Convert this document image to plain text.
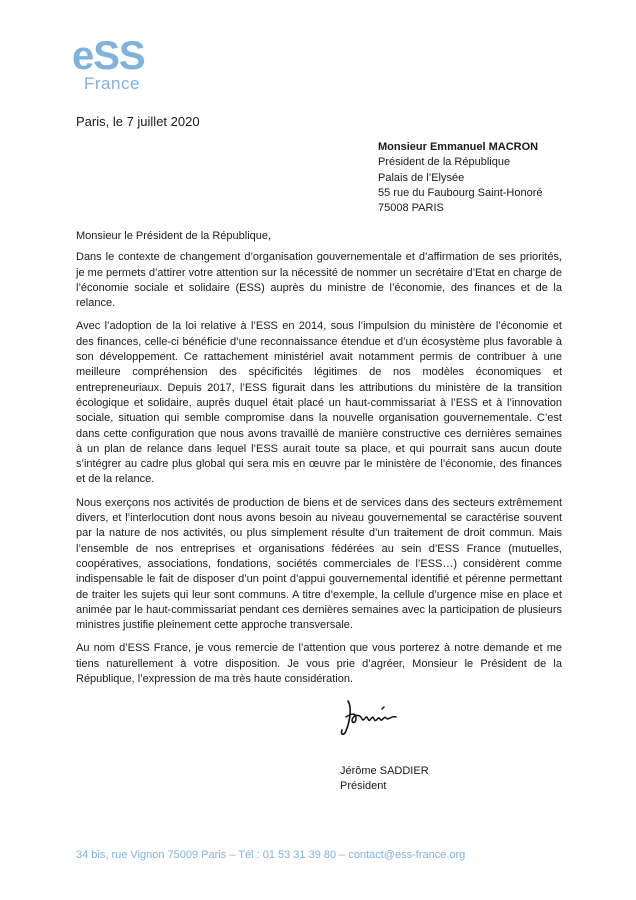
eSS
France
Paris, le 7 juillet 2020
Monsieur Emmanuel MACRON
Président de la République
Palais de l’Elysée
55 rue du Faubourg Saint-Honoré
75008 PARIS

Monsieur le Président de la République,

Dans le contexte de changement d’organisation gouvernementale et d’affirmation de ses priorités, je me permets d’attirer votre attention sur la nécessité de nommer un secrétaire d’Etat en charge de l’économie sociale et solidaire (ESS) auprès du ministre de l’économie, des finances et de la relance.

Avec l’adoption de la loi relative à l’ESS en 2014, sous l’impulsion du ministère de l’économie et des finances, celle-ci bénéficie d’une reconnaissance étendue et d’un écosystème plus favorable à son développement. Ce rattachement ministériel avait notamment permis de contribuer à une meilleure compréhension des spécificités légitimes de nos modèles économiques et entrepreneuriaux. Depuis 2017, l’ESS figurait dans les attributions du ministère de la transition écologique et solidaire, auprès duquel était placé un haut-commissariat à l’ESS et à l’innovation sociale, situation qui semble compromise dans la nouvelle organisation gouvernementale. C’est dans cette configuration que nous avons travaillé de manière constructive ces dernières semaines à un plan de relance dans lequel l’ESS aurait toute sa place, et qui pourrait sans aucun doute s’intégrer au cadre plus global qui sera mis en œuvre par le ministère de l’économie, des finances et de la relance.

Nous exerçons nos activités de production de biens et de services dans des secteurs extrêmement divers, et l’interlocution dont nous avons besoin au niveau gouvernemental se caractérise souvent par la nature de nos activités, ou plus simplement résulte d’un traitement de droit commun. Mais l’ensemble de nos entreprises et organisations fédérées au sein d’ESS France (mutuelles, coopératives, associations, fondations, sociétés commerciales de l’ESS…) considèrent comme indispensable le fait de disposer d’un point d’appui gouvernemental identifié et pérenne permettant de traiter les sujets qui leur sont communs. A titre d’exemple, la cellule d’urgence mise en place et animée par le haut-commissariat pendant ces dernières semaines avec la participation de plusieurs ministres justifie pleinement cette approche transversale.

Au nom d’ESS France, je vous remercie de l’attention que vous porterez à notre demande et me tiens naturellement à votre disposition. Je vous prie d’agréer, Monsieur le Président de la République, l’expression de ma très haute considération.

Jérôme SADDIER
Président
34 bis, rue Vignon 75009 Paris – Tél : 01 53 31 39 80 – contact@ess-france.org
